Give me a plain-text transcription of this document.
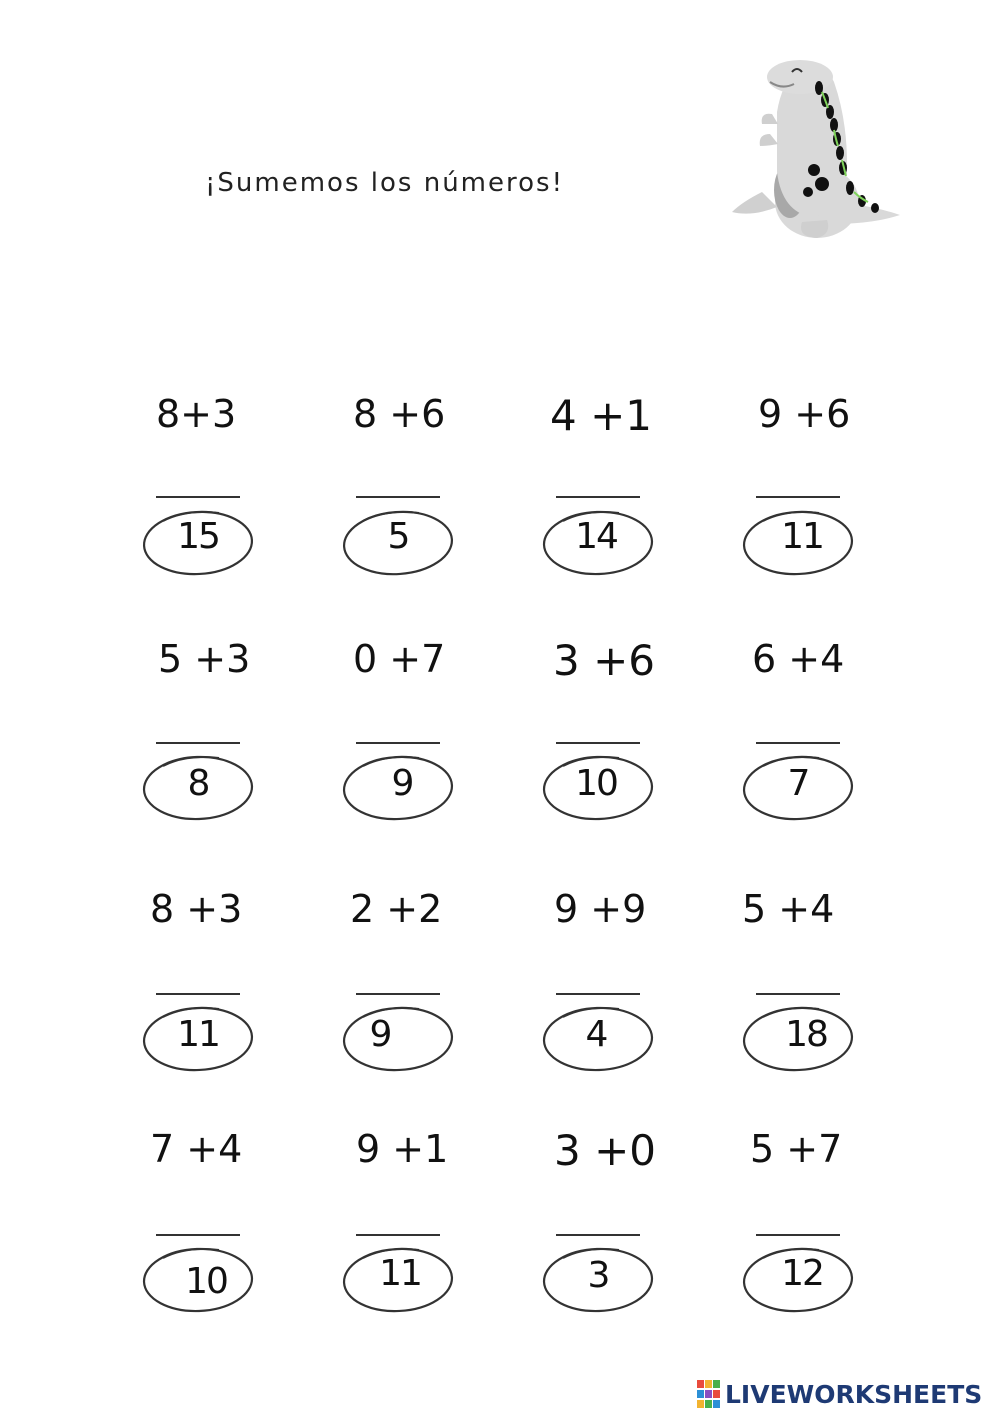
¡Sumemos los números!
8+3
15
8 +6
5
4 +1
14
9 +6
11
5 +3
8
0 +7
9
3 +6
10
6 +4
7
8 +3
11
2 +2
9
9 +9
4
5 +4
18
7 +4
10
9 +1
11
3 +0
3
5 +7
12
LIVEWORKSHEETS
